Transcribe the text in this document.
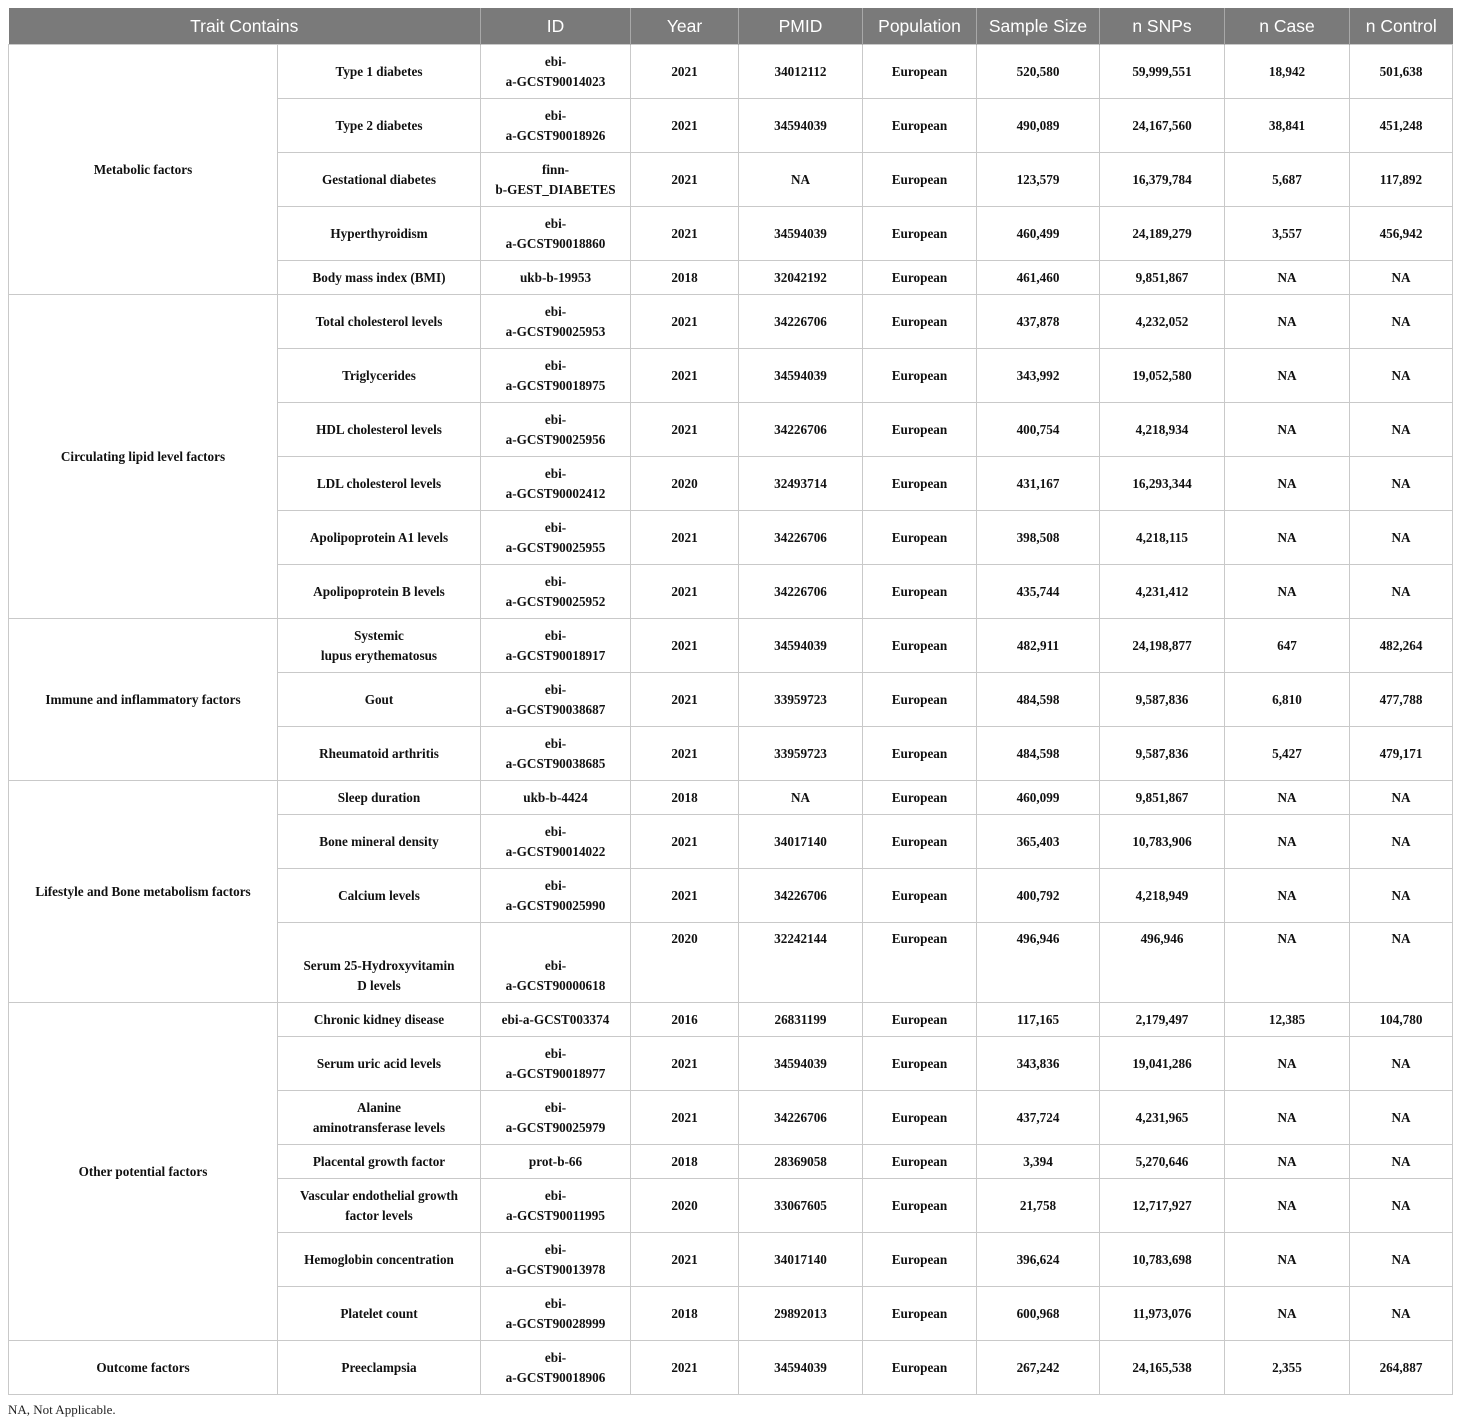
Trait Contains		ID	Year	PMID	Population	Sample Size	n SNPs	n Case	n Control
Metabolic factors	Type 1 diabetes	ebi-
a-GCST90014023	2021	34012112	European	520,580	59,999,551	18,942	501,638

	Type 2 diabetes	ebi-
a-GCST90018926	2021	34594039	European	490,089	24,167,560	38,841	451,248

	Gestational diabetes	finn-
b-GEST_DIABETES	2021	NA	European	123,579	16,379,784	5,687	117,892

	Hyperthyroidism	ebi-
a-GCST90018860	2021	34594039	European	460,499	24,189,279	3,557	456,942

	Body mass index (BMI)	ukb-b-19953	2018	32042192	European	461,460	9,851,867	NA	NA
Circulating lipid level factors	Total cholesterol levels	ebi-
a-GCST90025953	2021	34226706	European	437,878	4,232,052	NA	NA

	Triglycerides	ebi-
a-GCST90018975	2021	34594039	European	343,992	19,052,580	NA	NA

	HDL cholesterol levels	ebi-
a-GCST90025956	2021	34226706	European	400,754	4,218,934	NA	NA

	LDL cholesterol levels	ebi-
a-GCST90002412	2020	32493714	European	431,167	16,293,344	NA	NA

	Apolipoprotein A1 levels	ebi-
a-GCST90025955	2021	34226706	European	398,508	4,218,115	NA	NA

	Apolipoprotein B levels	ebi-
a-GCST90025952	2021	34226706	European	435,744	4,231,412	NA	NA
Immune and inflammatory factors	Systemic
lupus erythematosus	ebi-
a-GCST90018917	2021	34594039	European	482,911	24,198,877	647	482,264

	Gout	ebi-
a-GCST90038687	2021	33959723	European	484,598	9,587,836	6,810	477,788

	Rheumatoid arthritis	ebi-
a-GCST90038685	2021	33959723	European	484,598	9,587,836	5,427	479,171
Lifestyle and Bone metabolism factors	Sleep duration	ukb-b-4424	2018	NA	European	460,099	9,851,867	NA	NA

	Bone mineral density	ebi-
a-GCST90014022	2021	34017140	European	365,403	10,783,906	NA	NA

	Calcium levels	ebi-
a-GCST90025990	2021	34226706	European	400,792	4,218,949	NA	NA

	Serum 25-Hydroxyvitamin
D levels	ebi-
a-GCST90000618	2020	32242144	European	496,946	496,946	NA	NA
Other potential factors	Chronic kidney disease	ebi-a-GCST003374	2016	26831199	European	117,165	2,179,497	12,385	104,780

	Serum uric acid levels	ebi-
a-GCST90018977	2021	34594039	European	343,836	19,041,286	NA	NA

	Alanine
aminotransferase levels	ebi-
a-GCST90025979	2021	34226706	European	437,724	4,231,965	NA	NA

	Placental growth factor	prot-b-66	2018	28369058	European	3,394	5,270,646	NA	NA

	Vascular endothelial growth
factor levels	ebi-
a-GCST90011995	2020	33067605	European	21,758	12,717,927	NA	NA

	Hemoglobin concentration	ebi-
a-GCST90013978	2021	34017140	European	396,624	10,783,698	NA	NA

	Platelet count	ebi-
a-GCST90028999	2018	29892013	European	600,968	11,973,076	NA	NA
Outcome factors	Preeclampsia	ebi-
a-GCST90018906	2021	34594039	European	267,242	24,165,538	2,355	264,887
NA, Not Applicable.
